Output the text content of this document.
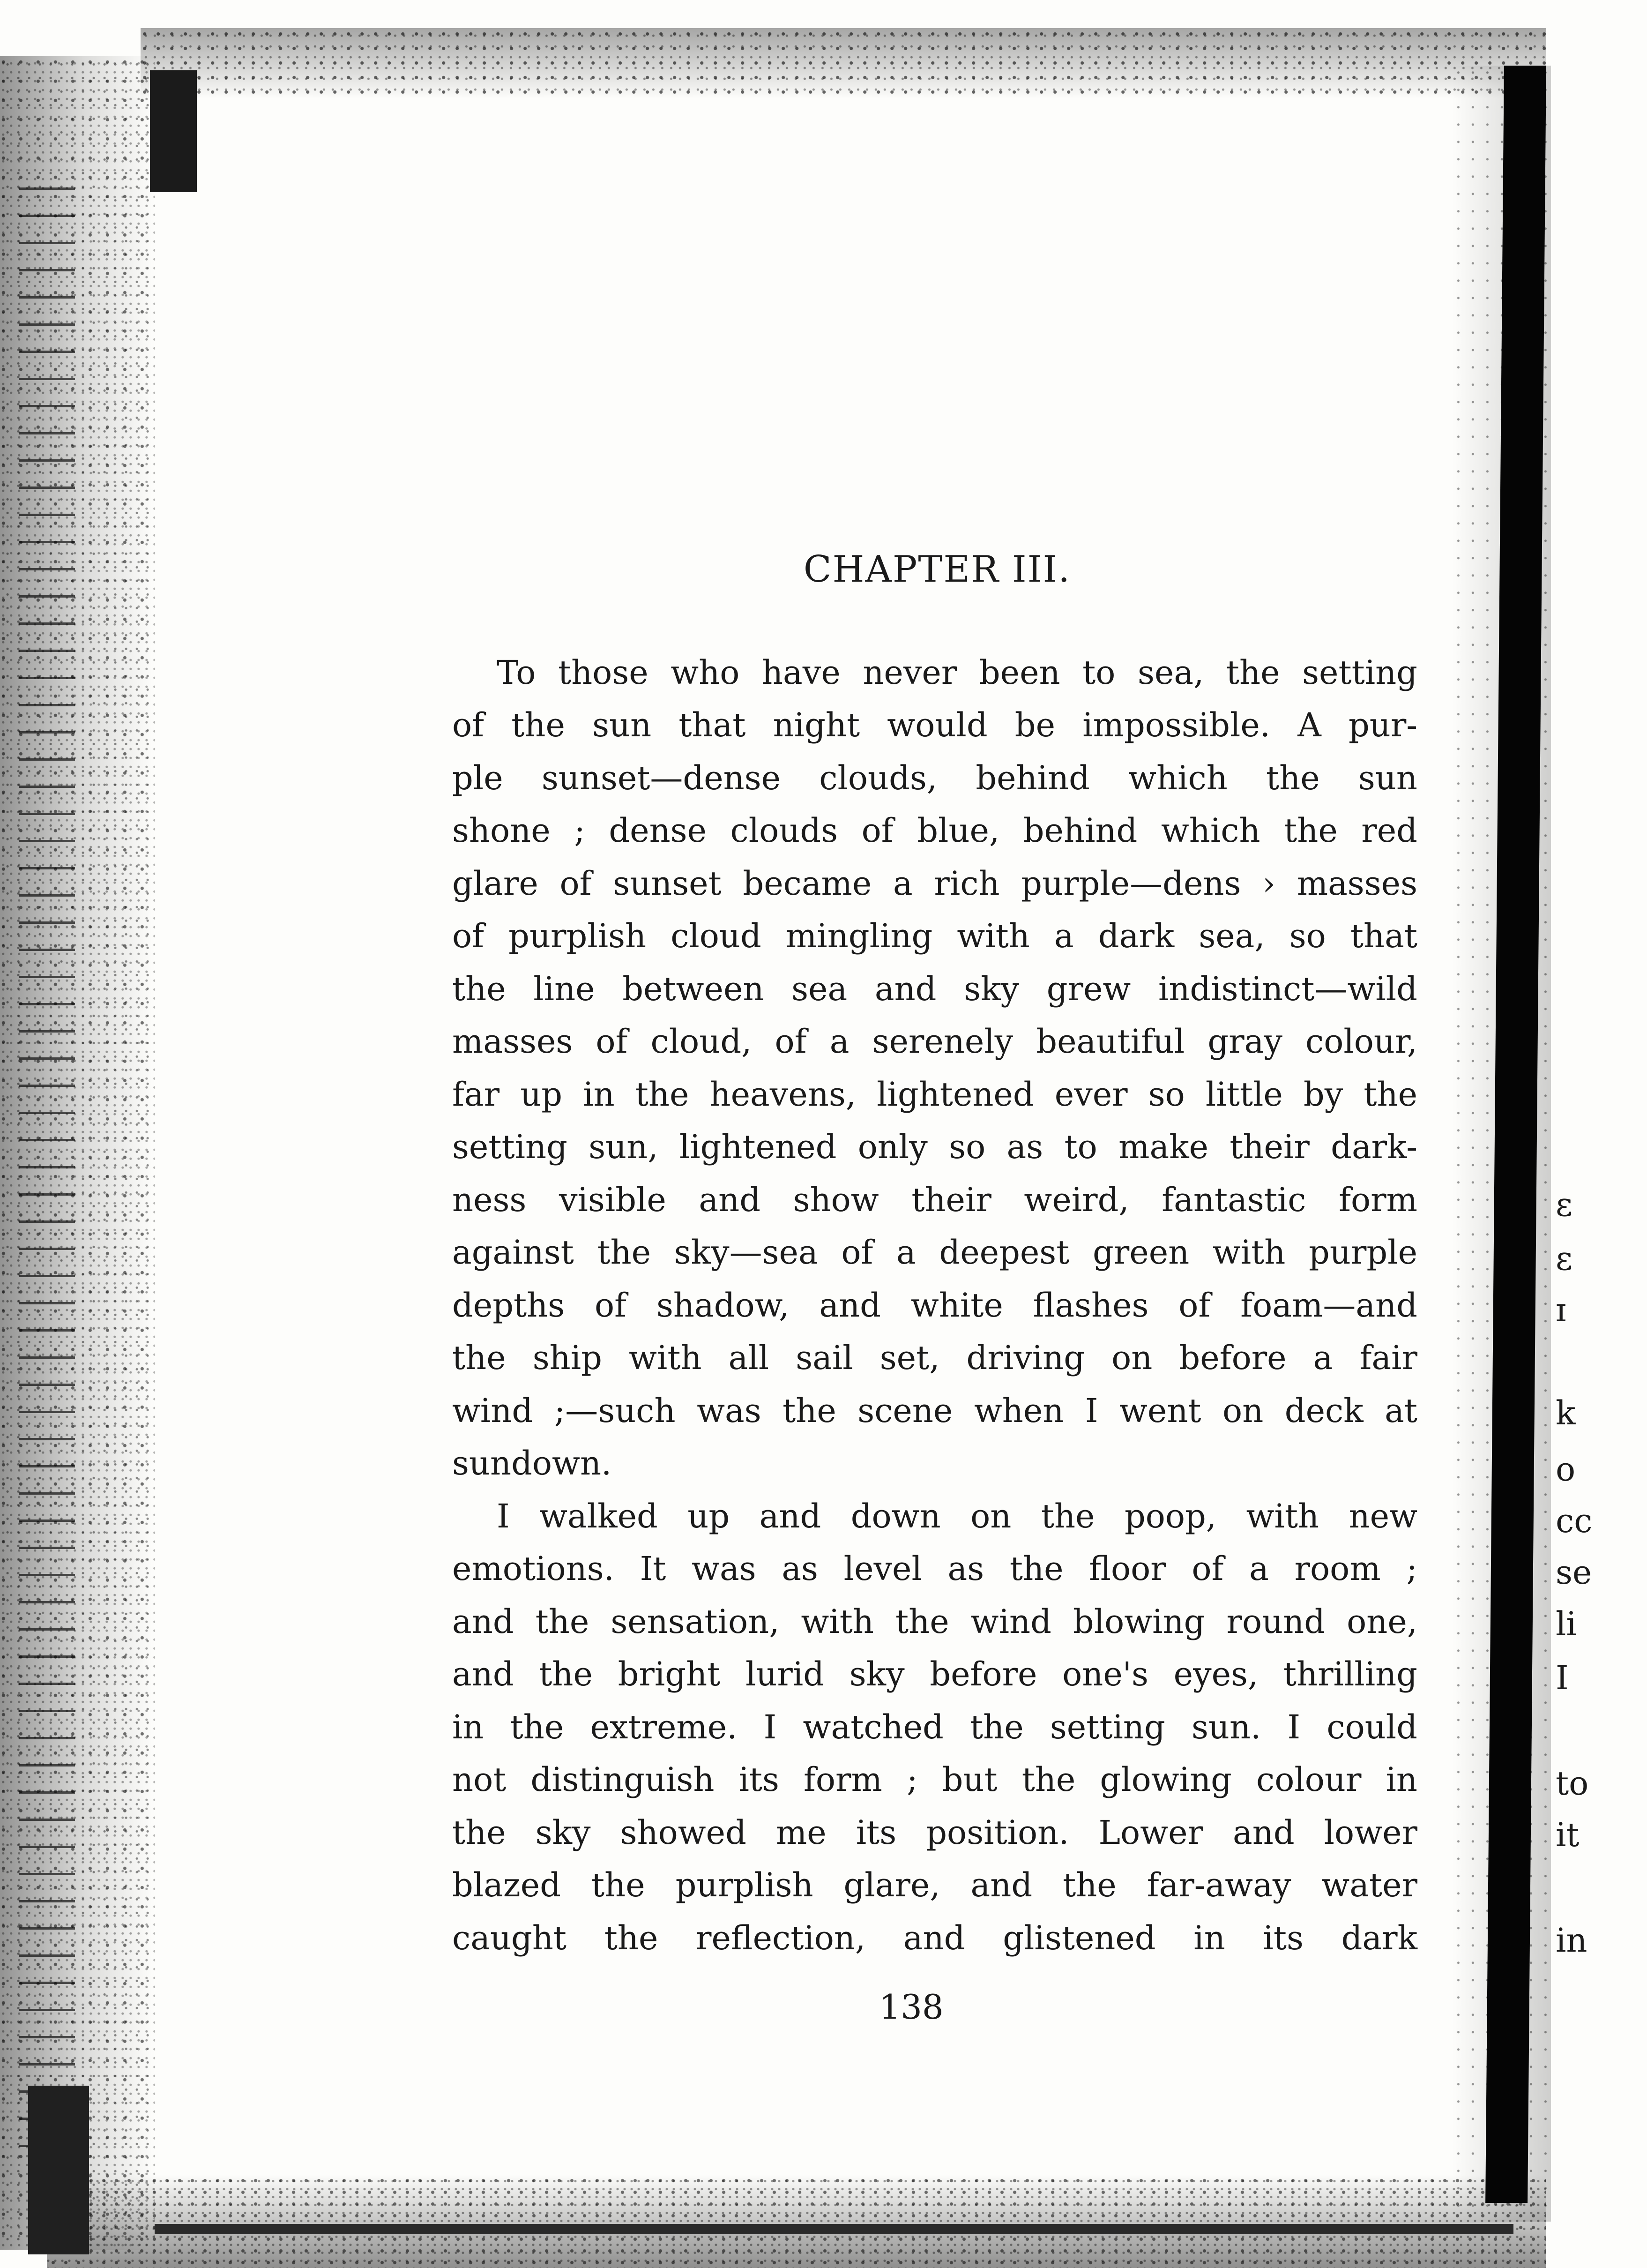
CHAPTER III.
To those who have never been to sea, the setting
of the sun that night would be impossible. A pur-
ple sunset—dense clouds, behind which the sun
shone ; dense clouds of blue, behind which the red
glare of sunset became a rich purple—dens › masses
of purplish cloud mingling with a dark sea, so that
the line between sea and sky grew indistinct—wild
masses of cloud, of a serenely beautiful gray colour,
far up in the heavens, lightened ever so little by the
setting sun, lightened only so as to make their dark-
ness visible and show their weird, fantastic form
against the sky—sea of a deepest green with purple
depths of shadow, and white flashes of foam—and
the ship with all sail set, driving on before a fair
wind ;—such was the scene when I went on deck at
sundown.
I walked up and down on the poop, with new
emotions. It was as level as the floor of a room ;
and the sensation, with the wind blowing round one,
and the bright lurid sky before one's eyes, thrilling
in the extreme. I watched the setting sun. I could
not distinguish its form ; but the glowing colour in
the sky showed me its position. Lower and lower
blazed the purplish glare, and the far-away water
caught the reflection, and glistened in its dark
138
ε
ε
ɪ
k
o
cc
se
li
I
to
it
in
